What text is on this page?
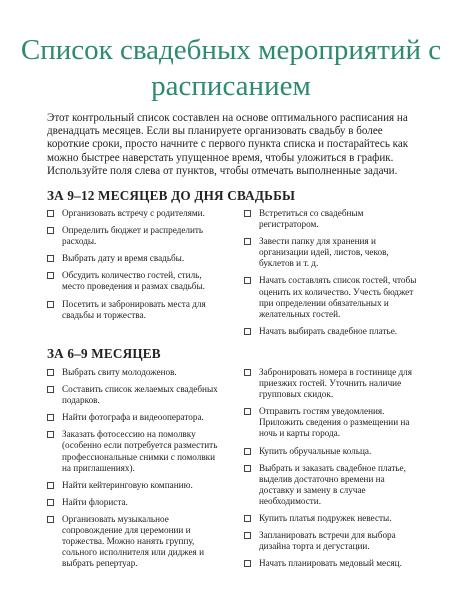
Список свадебных мероприятий с расписанием
Этот контрольный список составлен на основе оптимального расписания на двенадцать месяцев. Если вы планируете организовать свадьбу в более короткие сроки, просто начните с первого пункта списка и постарайтесь как можно быстрее наверстать упущенное время, чтобы уложиться в график. Используйте поля слева от пунктов, чтобы отмечать выполненные задачи.
ЗА 9–12 МЕСЯЦЕВ ДО ДНЯ СВАДЬБЫ
Организовать встречу с родителями.
Определить бюджет и распределить расходы.
Выбрать дату и время свадьбы.
Обсудить количество гостей, стиль, место проведения и размах свадьбы.
Посетить и забронировать места для свадьбы и торжества.
Встретиться со свадебным регистратором.
Завести папку для хранения и организации идей, листов, чеков, буклетов и т. д.
Начать составлять список гостей, чтобы оценить их количество. Учесть бюджет при определении обязательных и желательных гостей.
Начать выбирать свадебное платье.
ЗА 6–9 МЕСЯЦЕВ
Выбрать свиту молодоженов.
Составить список желаемых свадебных подарков.
Найти фотографа и видеооператора.
Заказать фотосессию на помолвку (особенно если потребуется разместить профессиональные снимки с помолвки на приглашениях).
Найти кейтеринговую компанию.
Найти флориста.
Организовать музыкальное сопровождение для церемонии и торжества. Можно нанять группу, сольного исполнителя или диджея и выбрать репертуар.
Забронировать номера в гостинице для приезжих гостей. Уточнить наличие групповых скидок.
Отправить гостям уведомления. Приложить сведения о размещении на ночь и карты города.
Купить обручальные кольца.
Выбрать и заказать свадебное платье, выделив достаточно времени на доставку и замену в случае необходимости.
Купить платья подружек невесты.
Запланировать встречи для выбора дизайна торта и дегустации.
Начать планировать медовый месяц.
